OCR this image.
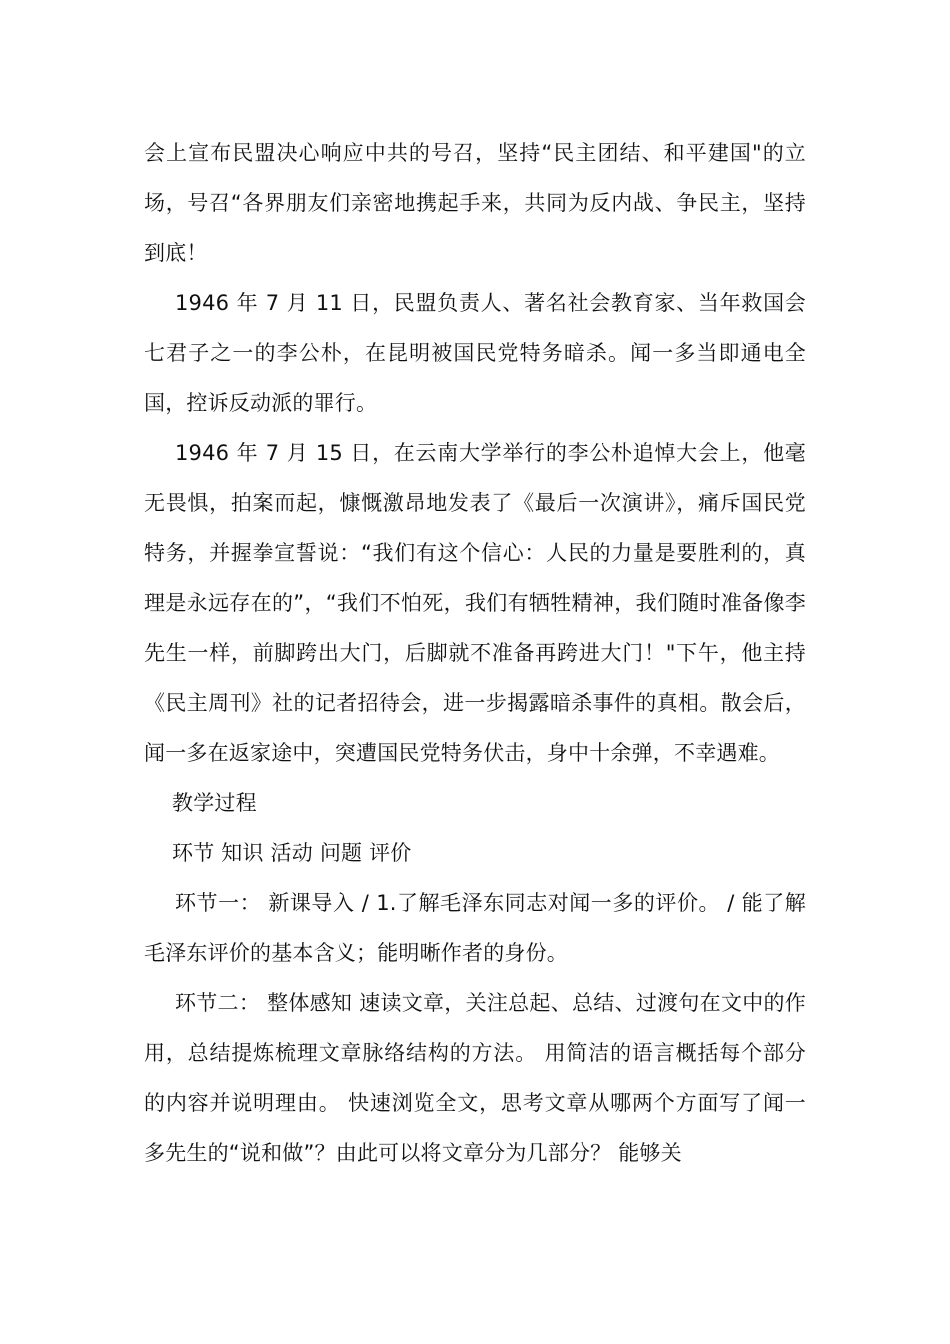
会上宣布民盟决心响应中共的号召，坚持“民主团结、和平建国"的立场，号召“各界朋友们亲密地携起手来，共同为反内战、争民主，坚持到底！

1946 年 7 月 11 日，民盟负责人、著名社会教育家、当年救国会七君子之一的李公朴，在昆明被国民党特务暗杀。闻一多当即通电全国，控诉反动派的罪行。

1946 年 7 月 15 日，在云南大学举行的李公朴追悼大会上，他毫无畏惧，拍案而起，慷慨激昂地发表了《最后一次演讲》，痛斥国民党特务，并握拳宣誓说：“我们有这个信心：人民的力量是要胜利的，真理是永远存在的”，“我们不怕死，我们有牺牲精神，我们随时准备像李先生一样，前脚跨出大门，后脚就不准备再跨进大门！"下午，他主持《民主周刊》社的记者招待会，进一步揭露暗杀事件的真相。散会后，闻一多在返家途中，突遭国民党特务伏击，身中十余弹，不幸遇难。

教学过程

环节 知识 活动 问题 评价

环节一： 新课导入 / 1.了解毛泽东同志对闻一多的评价。 / 能了解毛泽东评价的基本含义；能明晰作者的身份。

环节二： 整体感知 速读文章，关注总起、总结、过渡句在文中的作用，总结提炼梳理文章脉络结构的方法。 用简洁的语言概括每个部分的内容并说明理由。 快速浏览全文，思考文章从哪两个方面写了闻一多先生的“说和做”？由此可以将文章分为几部分？ 能够关
